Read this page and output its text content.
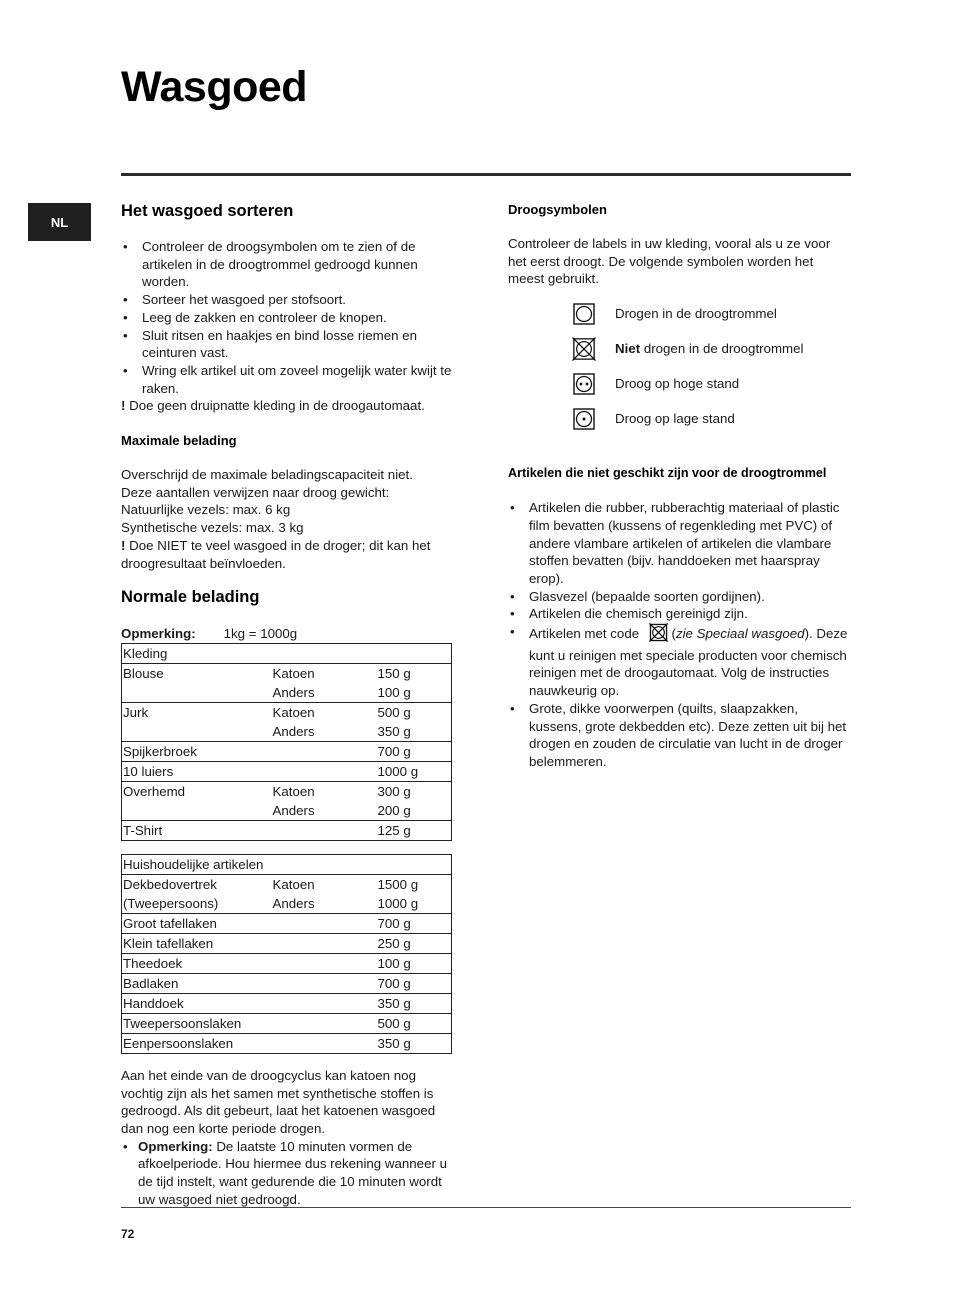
Wasgoed
NL
Het wasgoed sorteren
• Controleer de droogsymbolen om te zien of de artikelen in de droogtrommel gedroogd kunnen worden.
• Sorteer het wasgoed per stofsoort.
• Leeg de zakken en controleer de knopen.
• Sluit ritsen en haakjes en bind losse riemen en ceinturen vast.
• Wring elk artikel uit om zoveel mogelijk water kwijt te raken.

! Doe geen druipnatte kleding in de droogautomaat.

Maximale belading

Overschrijd de maximale beladingscapaciteit niet.

Deze aantallen verwijzen naar droog gewicht:

Natuurlijke vezels: max. 6 kg

Synthetische vezels: max. 3 kg

! Doe NIET te veel wasgoed in de droger; dit kan het droogresultaat beïnvloeden.

Normale belading

Opmerking: 1kg = 1000g

Kleding		
Blouse	Katoen	150 g
	Anders	100 g
Jurk	Katoen	500 g
	Anders	350 g
Spijkerbroek		700 g
10 luiers		1000 g
Overhemd	Katoen	300 g
	Anders	200 g
T-Shirt		125 g
Huishoudelijke artikelen		
Dekbedovertrek	Katoen	1500 g
(Tweepersoons)	Anders	1000 g
Groot tafellaken		700 g
Klein tafellaken		250 g
Theedoek		100 g
Badlaken		700 g
Handdoek		350 g
Tweepersoonslaken		500 g
Eenpersoonslaken		350 g

Aan het einde van de droogcyclus kan katoen nog vochtig zijn als het samen met synthetische stoffen is gedroogd. Als dit gebeurt, laat het katoenen wasgoed dan nog een korte periode drogen.

• Opmerking: De laatste 10 minuten vormen de afkoelperiode. Hou hiermee dus rekening wanneer u de tijd instelt, want gedurende die 10 minuten wordt uw wasgoed niet gedroogd.
Droogsymbolen

Controleer de labels in uw kleding, vooral als u ze voor het eerst droogt. De volgende symbolen worden het meest gebruikt.

Drogen in de droogtrommel
Niet drogen in de droogtrommel
Droog op hoge stand
Droog op lage stand
Artikelen die niet geschikt zijn voor de droogtrommel
• Artikelen die rubber, rubberachtig materiaal of plastic film bevatten (kussens of regenkleding met PVC) of andere vlambare artikelen of artikelen die vlambare stoffen bevatten (bijv. handdoeken met haarspray erop).
• Glasvezel (bepaalde soorten gordijnen).
• Artikelen die chemisch gereinigd zijn.
• Artikelen met code  (zie Speciaal wasgoed). Deze kunt u reinigen met speciale producten voor chemisch reinigen met de droogautomaat. Volg de instructies nauwkeurig op.
• Grote, dikke voorwerpen (quilts, slaapzakken, kussens, grote dekbedden etc). Deze zetten uit bij het drogen en zouden de circulatie van lucht in de droger belemmeren.
72
